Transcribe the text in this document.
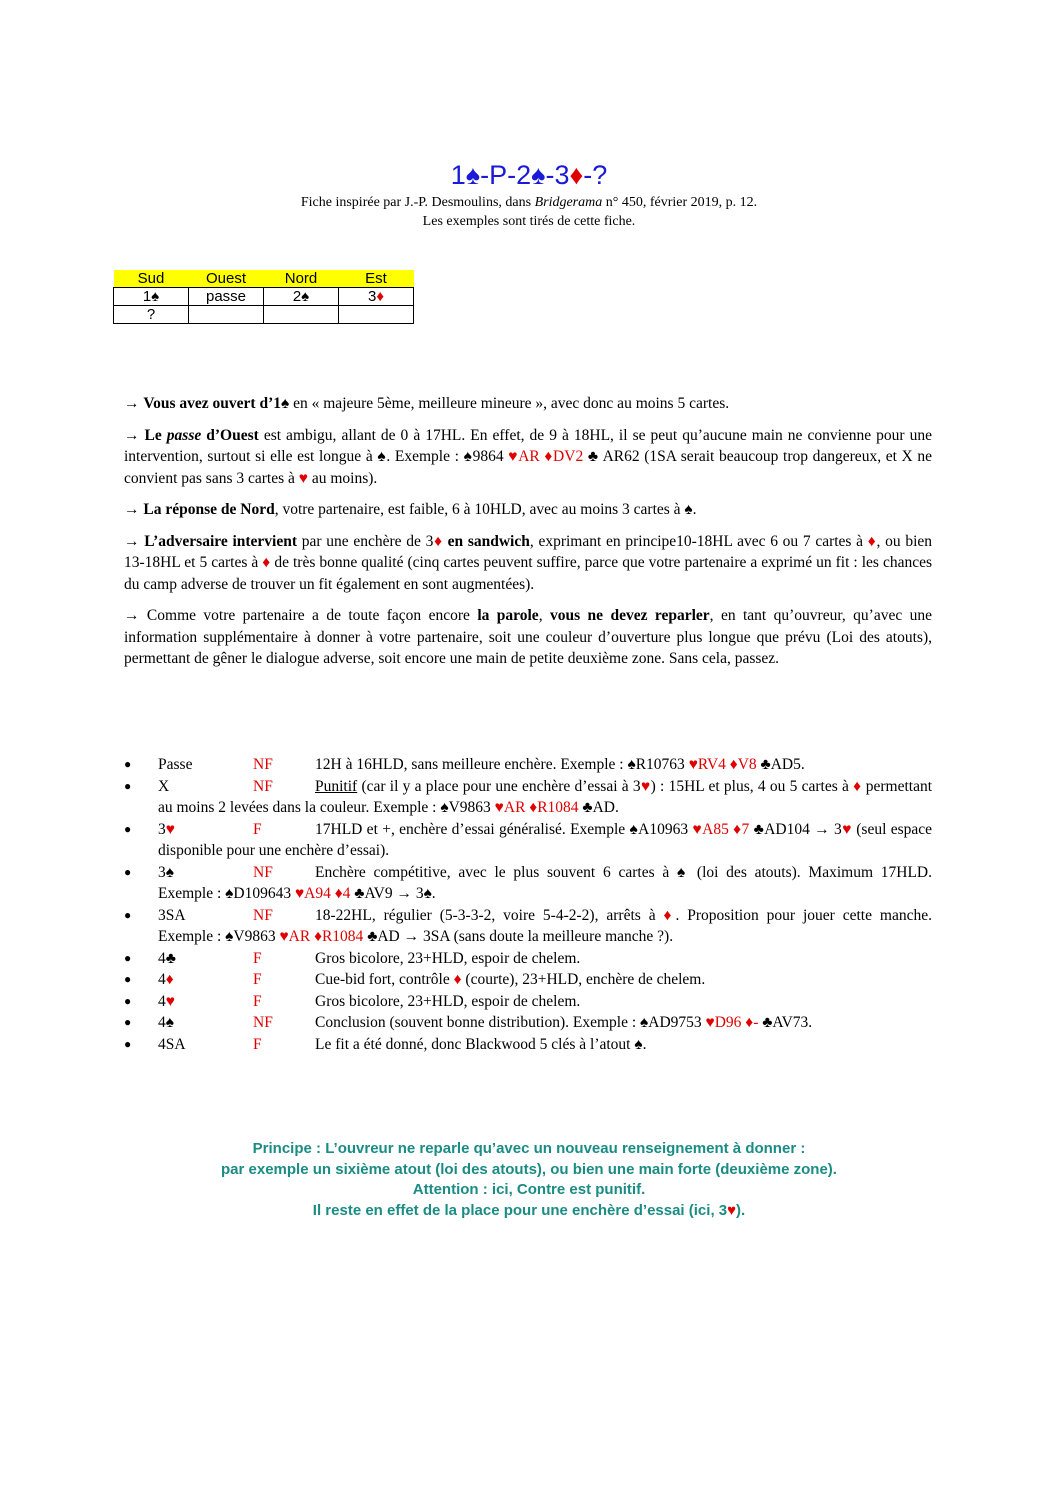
1♠-P-2♠-3♦-?
Fiche inspirée par J.-P. Desmoulins, dans Bridgerama n° 450, février 2019, p. 12.
Les exemples sont tirés de cette fiche.
Sud	Ouest	Nord	Est
1♠	passe	2♠	3♦
?			

→ Vous avez ouvert d’1♠ en « majeure 5ème, meilleure mineure », avec donc au moins 5 cartes.

→ Le passe d’Ouest est ambigu, allant de 0 à 17HL. En effet, de 9 à 18HL, il se peut qu’aucune main ne convienne pour une intervention, surtout si elle est longue à ♠. Exemple : ♠9864 ♥AR ♦DV2 ♣ AR62 (1SA serait beaucoup trop dangereux, et X ne convient pas sans 3 cartes à ♥ au moins).

→ La réponse de Nord, votre partenaire, est faible, 6 à 10HLD, avec au moins 3 cartes à ♠.

→ L’adversaire intervient par une enchère de 3♦ en sandwich, exprimant en principe10-18HL avec 6 ou 7 cartes à ♦, ou bien 13-18HL et 5 cartes à ♦ de très bonne qualité (cinq cartes peuvent suffire, parce que votre partenaire a exprimé un fit : les chances du camp adverse de trouver un fit également en sont augmentées).

→ Comme votre partenaire a de toute façon encore la parole, vous ne devez reparler, en tant qu’ouvreur, qu’avec une information supplémentaire à donner à votre partenaire, soit une couleur d’ouverture plus longue que prévu (Loi des atouts), permettant de gêner le dialogue adverse, soit encore une main de petite deuxième zone. Sans cela, passez.

● Passe	NF	12H à 16HLD, sans meilleure enchère. Exemple : ♠R10763 ♥RV4 ♦V8 ♣AD5.
● X	NF	Punitif (car il y a place pour une enchère d’essai à 3♥) : 15HL et plus, 4 ou 5 cartes à ♦ permettant au moins 2 levées dans la couleur. Exemple : ♠V9863 ♥AR ♦R1084 ♣AD.
● 3♥	F	17HLD et +, enchère d’essai généralisé. Exemple ♠A10963 ♥A85 ♦7 ♣AD104 → 3♥ (seul espace disponible pour une enchère d’essai).
● 3♠	NF	Enchère compétitive, avec le plus souvent 6 cartes à ♠ (loi des atouts). Maximum 17HLD. Exemple : ♠D109643 ♥A94 ♦4 ♣AV9 → 3♠.
● 3SA	NF	18-22HL, régulier (5-3-3-2, voire 5-4-2-2), arrêts à ♦. Proposition pour jouer cette manche. Exemple : ♠V9863 ♥AR ♦R1084 ♣AD → 3SA (sans doute la meilleure manche ?).
● 4♣	F	Gros bicolore, 23+HLD, espoir de chelem.
● 4♦	F	Cue-bid fort, contrôle ♦ (courte), 23+HLD, enchère de chelem.
● 4♥	F	Gros bicolore, 23+HLD, espoir de chelem.
● 4♠	NF	Conclusion (souvent bonne distribution). Exemple : ♠AD9753 ♥D96 ♦- ♣AV73.
● 4SA	F	Le fit a été donné, donc Blackwood 5 clés à l’atout ♠.
Principe : L’ouvreur ne reparle qu’avec un nouveau renseignement à donner :
par exemple un sixième atout (loi des atouts), ou bien une main forte (deuxième zone).
Attention : ici, Contre est punitif.
Il reste en effet de la place pour une enchère d’essai (ici, 3♥).
